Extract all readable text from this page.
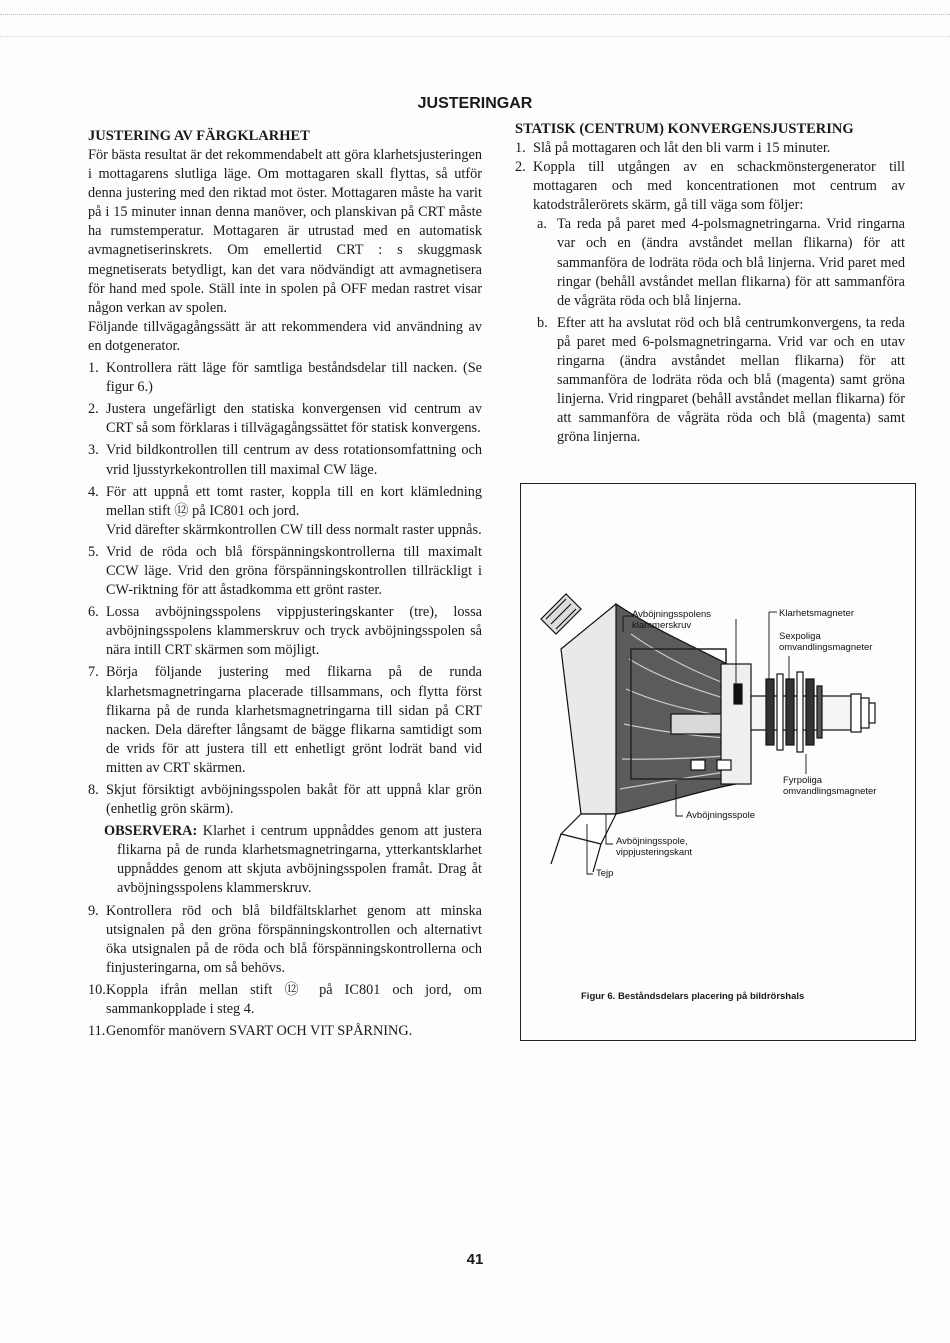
JUSTERINGAR
JUSTERING AV FÄRGKLARHET

För bästa resultat är det rekommendabelt att göra klarhetsjusteringen i mottagarens slutliga läge. Om mottagaren skall flyttas, så utför denna justering med den riktad mot öster. Mottagaren måste ha varit på i 15 minuter innan denna manöver, och planskivan på CRT måste ha rumstemperatur. Mottagaren är utrustad med en automatisk avmagnetiserinskrets. Om emellertid CRT : s skuggmask megnetiserats betydligt, kan det vara nödvändigt att avmagnetisera för hand med spole. Ställ inte in spolen på OFF medan rastret visar någon verkan av spolen.

Följande tillvägagångssätt är att rekommendera vid användning av en dotgenerator.

1. Kontrollera rätt läge för samtliga beståndsdelar till nacken. (Se figur 6.)
2. Justera ungefärligt den statiska konvergensen vid centrum av CRT så som förklaras i tillvägagångssättet för statisk konvergens.
3. Vrid bildkontrollen till centrum av dess rotationsomfattning och vrid ljusstyrkekontrollen till maximal CW läge.
4. För att uppnå ett tomt raster, koppla till en kort klämledning mellan stift ⑫ på IC801 och jord.
Vrid därefter skärmkontrollen CW till dess normalt raster uppnås.
5. Vrid de röda och blå förspänningskontrollerna till maximalt CCW läge. Vrid den gröna förspänningskontrollen tillräckligt i CW-riktning för att åstadkomma ett grönt raster.
6. Lossa avböjningsspolens vippjusteringskanter (tre), lossa avböjningsspolens klammerskruv och tryck avböjningsspolen så nära intill CRT skärmen som möjligt.
7. Börja följande justering med flikarna på de runda klarhetsmagnetringarna placerade tillsammans, och flytta först flikarna på de runda klarhetsmagnetringarna till sidan på CRT nacken. Dela därefter långsamt de bägge flikarna samtidigt som de vrids för att justera till ett enhetligt grönt lodrät band vid mitten av CRT skärmen.
8. Skjut försiktigt avböjningsspolen bakåt för att uppnå klar grön (enhetlig grön skärm).

OBSERVERA: Klarhet i centrum uppnåddes genom att justera flikarna på de runda klarhetsmagnetringarna, ytterkantsklarhet uppnåddes genom att skjuta avböjningsspolen framåt. Drag åt avböjningsspolens klammerskruv.

9. Kontrollera röd och blå bildfältsklarhet genom att minska utsignalen på den gröna förspänningskontrollen och alternativt öka utsignalen på de röda och blå förspänningskontrollerna och finjusteringarna, om så behövs.
10. Koppla ifrån mellan stift ⑫ på IC801 och jord, om sammankopplade i steg 4.
11. Genomför manövern SVART OCH VIT SPÅRNING.
STATISK (CENTRUM) KONVERGENSJUSTERING
1. Slå på mottagaren och låt den bli varm i 15 minuter.
2. Koppla till utgången av en schackmönstergenerator till mottagaren och med koncentrationen mot centrum av katodstrålerörets skärm, gå till väga som följer:
a. Ta reda på paret med 4-polsmagnetringarna. Vrid ringarna var och en (ändra avståndet mellan flikarna) för att sammanföra de lodräta röda och blå linjerna. Vrid paret med ringar (behåll avståndet mellan flikarna) för att sammanföra de vågräta röda och blå linjerna.
b. Efter att ha avslutat röd och blå centrumkonvergens, ta reda på paret med 6-polsmagnetringarna. Vrid var och en utav ringarna (ändra avståndet mellan flikarna) för att sammanföra de lodräta röda och blå (magenta) samt gröna linjerna. Vrid ringparet (behåll avståndet mellan flikarna) för att sammanföra de vågräta röda och blå (magenta) samt gröna linjerna.
Avböjningsspolens
klammerskruv
Klarhetsmagneter
Sexpoliga
omvandlingsmagneter
Fyrpoliga
omvandlingsmagneter
Avböjningsspole
Avböjningsspole,
vippjusteringskant
Tejp
Figur 6. Beståndsdelars placering på bildrörshals
41
